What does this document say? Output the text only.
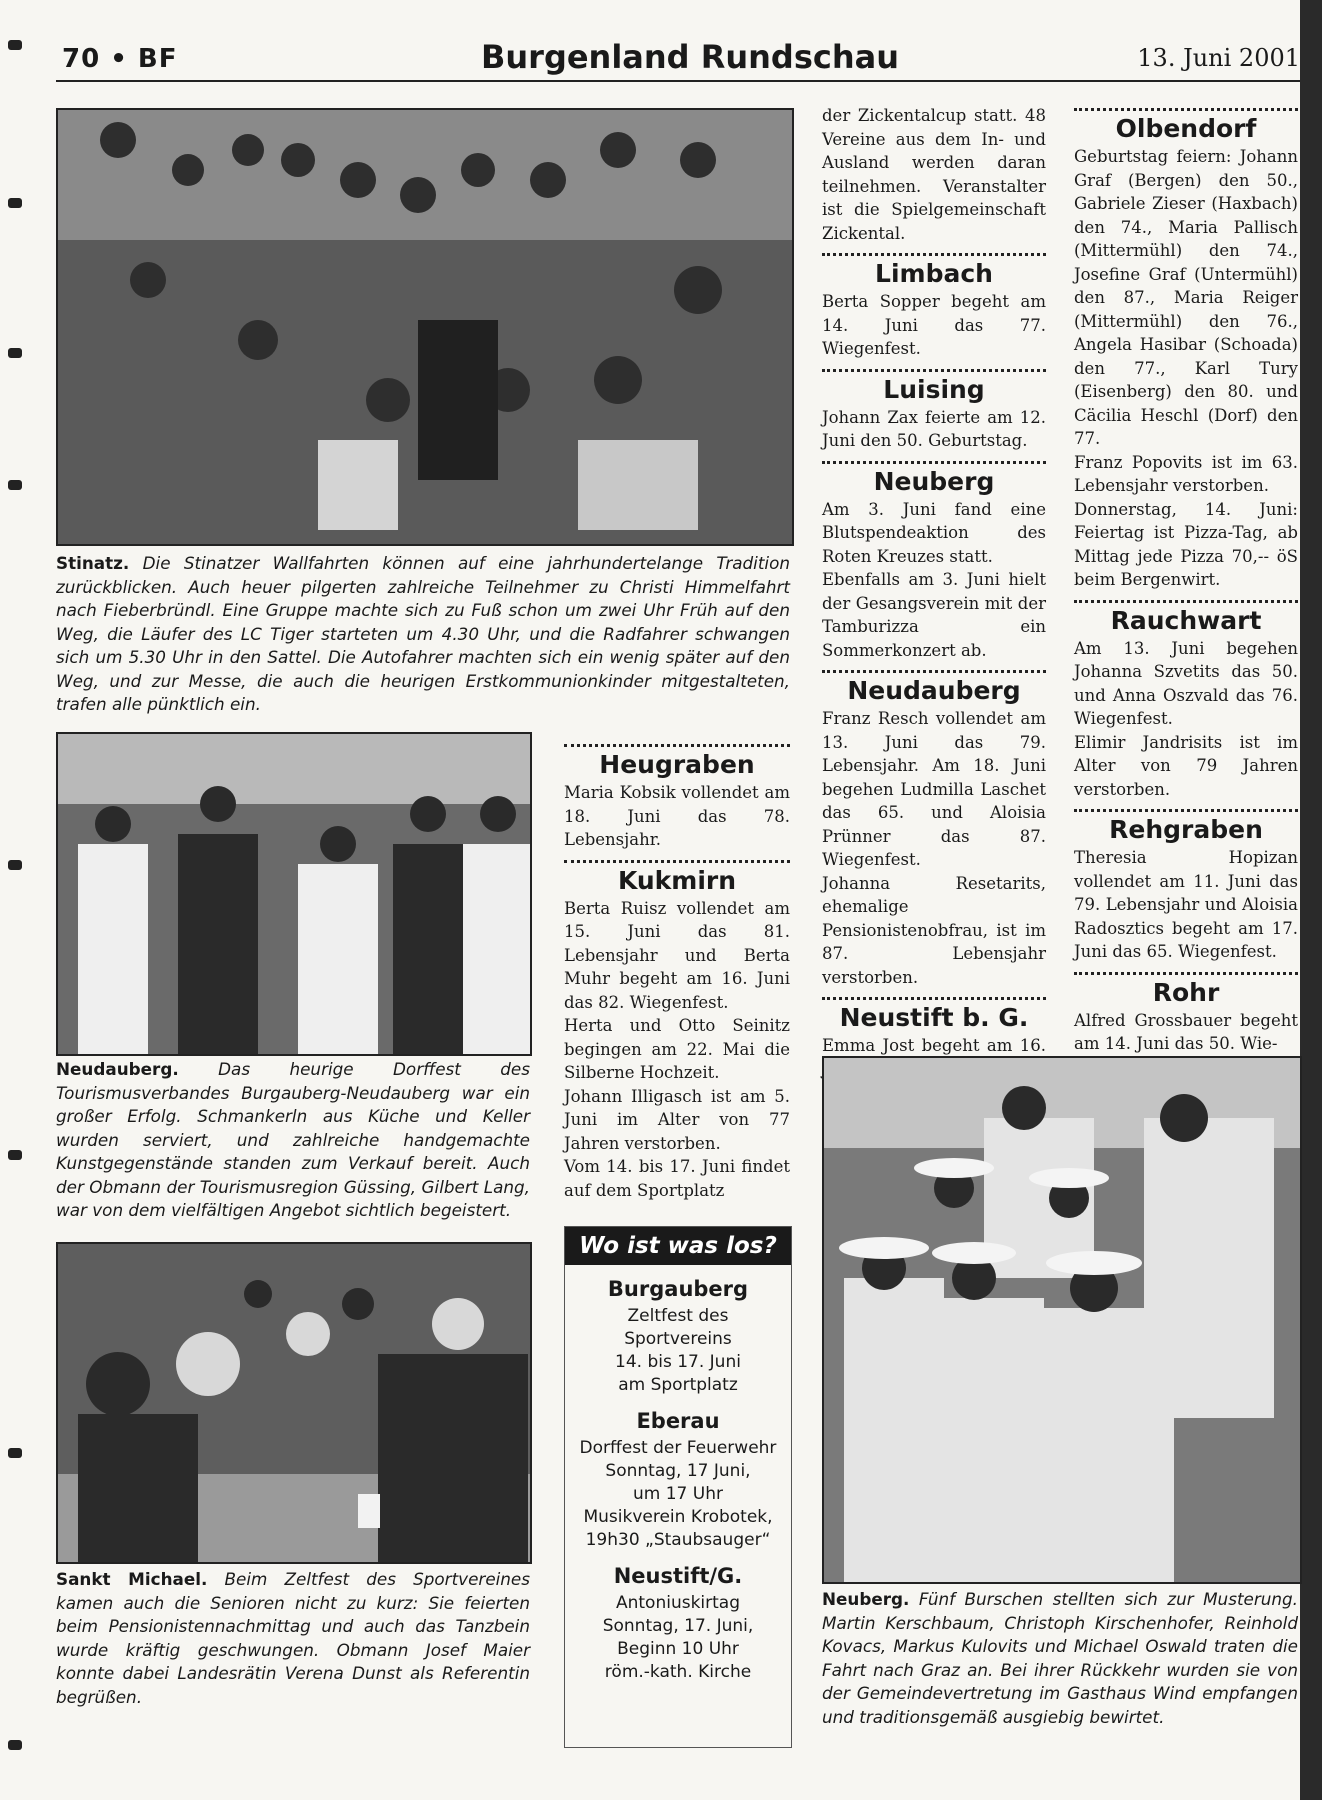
70 • BF	Burgenland Rundschau	13. Juni 2001
Stinatz. Die Stinatzer Wallfahrten können auf eine jahrhundertelange Tradition zurückblicken. Auch heuer pilgerten zahlreiche Teilnehmer zu Christi Himmelfahrt nach Fieberbründl. Eine Gruppe machte sich zu Fuß schon um zwei Uhr Früh auf den Weg, die Läufer des LC Tiger starteten um 4.30 Uhr, und die Radfahrer schwangen sich um 5.30 Uhr in den Sattel. Die Autofahrer machten sich ein wenig später auf den Weg, und zur Messe, die auch die heurigen Erstkommunionkinder mitgestalteten, trafen alle pünktlich ein.
Neudauberg. Das heurige Dorffest des Tourismusverbandes Burgauberg-Neudauberg war ein großer Erfolg. Schmankerln aus Küche und Keller wurden serviert, und zahlreiche handgemachte Kunstgegenstände standen zum Verkauf bereit. Auch der Obmann der Tourismusregion Güssing, Gilbert Lang, war von dem vielfältigen Angebot sichtlich begeistert.
Sankt Michael. Beim Zeltfest des Sportvereines kamen auch die Senioren nicht zu kurz: Sie feierten beim Pensionistennachmittag und auch das Tanzbein wurde kräftig geschwungen. Obmann Josef Maier konnte dabei Landesrätin Verena Dunst als Referentin begrüßen.
Heugraben

Maria Kobsik vollendet am 18. Juni das 78. Lebensjahr.

Kukmirn

Berta Ruisz vollendet am 15. Juni das 81. Lebensjahr und Berta Muhr begeht am 16. Juni das 82. Wiegenfest.

Herta und Otto Seinitz begingen am 22. Mai die Silberne Hochzeit.

Johann Illigasch ist am 5. Juni im Alter von 77 Jahren verstorben.

Vom 14. bis 17. Juni findet auf dem Sportplatz

Wo ist was los?
Burgauberg
Zeltfest des
Sportvereins
14. bis 17. Juni
am Sportplatz
Eberau
Dorffest der Feuerwehr
Sonntag, 17 Juni,
um 17 Uhr
Musikverein Krobotek,
19h30 „Staubsauger“
Neustift/G.
Antoniuskirtag
Sonntag, 17. Juni,
Beginn 10 Uhr
röm.-kath. Kirche

der Zickentalcup statt. 48 Vereine aus dem In- und Ausland werden daran teilnehmen. Veranstalter ist die Spielgemeinschaft Zickental.

Limbach

Berta Sopper begeht am 14. Juni das 77. Wiegenfest.

Luising

Johann Zax feierte am 12. Juni den 50. Geburtstag.

Neuberg

Am 3. Juni fand eine Blutspendeaktion des Roten Kreuzes statt.

Ebenfalls am 3. Juni hielt der Gesangsverein mit der Tamburizza ein Sommerkonzert ab.

Neudauberg

Franz Resch vollendet am 13. Juni das 79. Lebensjahr. Am 18. Juni begehen Ludmilla Laschet das 65. und Aloisia Prünner das 87. Wiegenfest.

Johanna Resetarits, ehemalige Pensionistenobfrau, ist im 87. Lebensjahr verstorben.

Neustift b. G.

Emma Jost begeht am 16.

Olbendorf

Geburtstag feiern: Johann Graf (Bergen) den 50., Gabriele Zieser (Haxbach) den 74., Maria Pallisch (Mittermühl) den 74., Josefine Graf (Untermühl) den 87., Maria Reiger (Mittermühl) den 76., Angela Hasibar (Schoada) den 77., Karl Tury (Eisenberg) den 80. und Cäcilia Heschl (Dorf) den 77.

Franz Popovits ist im 63. Lebensjahr verstorben.

Donnerstag, 14. Juni: Feiertag ist Pizza-Tag, ab Mittag jede Pizza 70,-- öS beim Bergenwirt.

Rauchwart

Am 13. Juni begehen Johanna Szvetits das 50. und Anna Oszvald das 76. Wiegenfest.

Elimir Jandrisits ist im Alter von 79 Jahren verstorben.

Rehgraben

Theresia Hopizan vollendet am 11. Juni das 79. Lebensjahr und Aloisia Radosztics begeht am 17. Juni das 65. Wiegenfest.

Rohr

Alfred Grossbauer begeht am 14. Juni das 50. Wie-

Neuberg. Fünf Burschen stellten sich zur Musterung. Martin Kerschbaum, Christoph Kirschenhofer, Reinhold Kovacs, Markus Kulovits und Michael Oswald traten die Fahrt nach Graz an. Bei ihrer Rückkehr wurden sie von der Gemeindevertretung im Gasthaus Wind empfangen und traditionsgemäß ausgiebig bewirtet.
